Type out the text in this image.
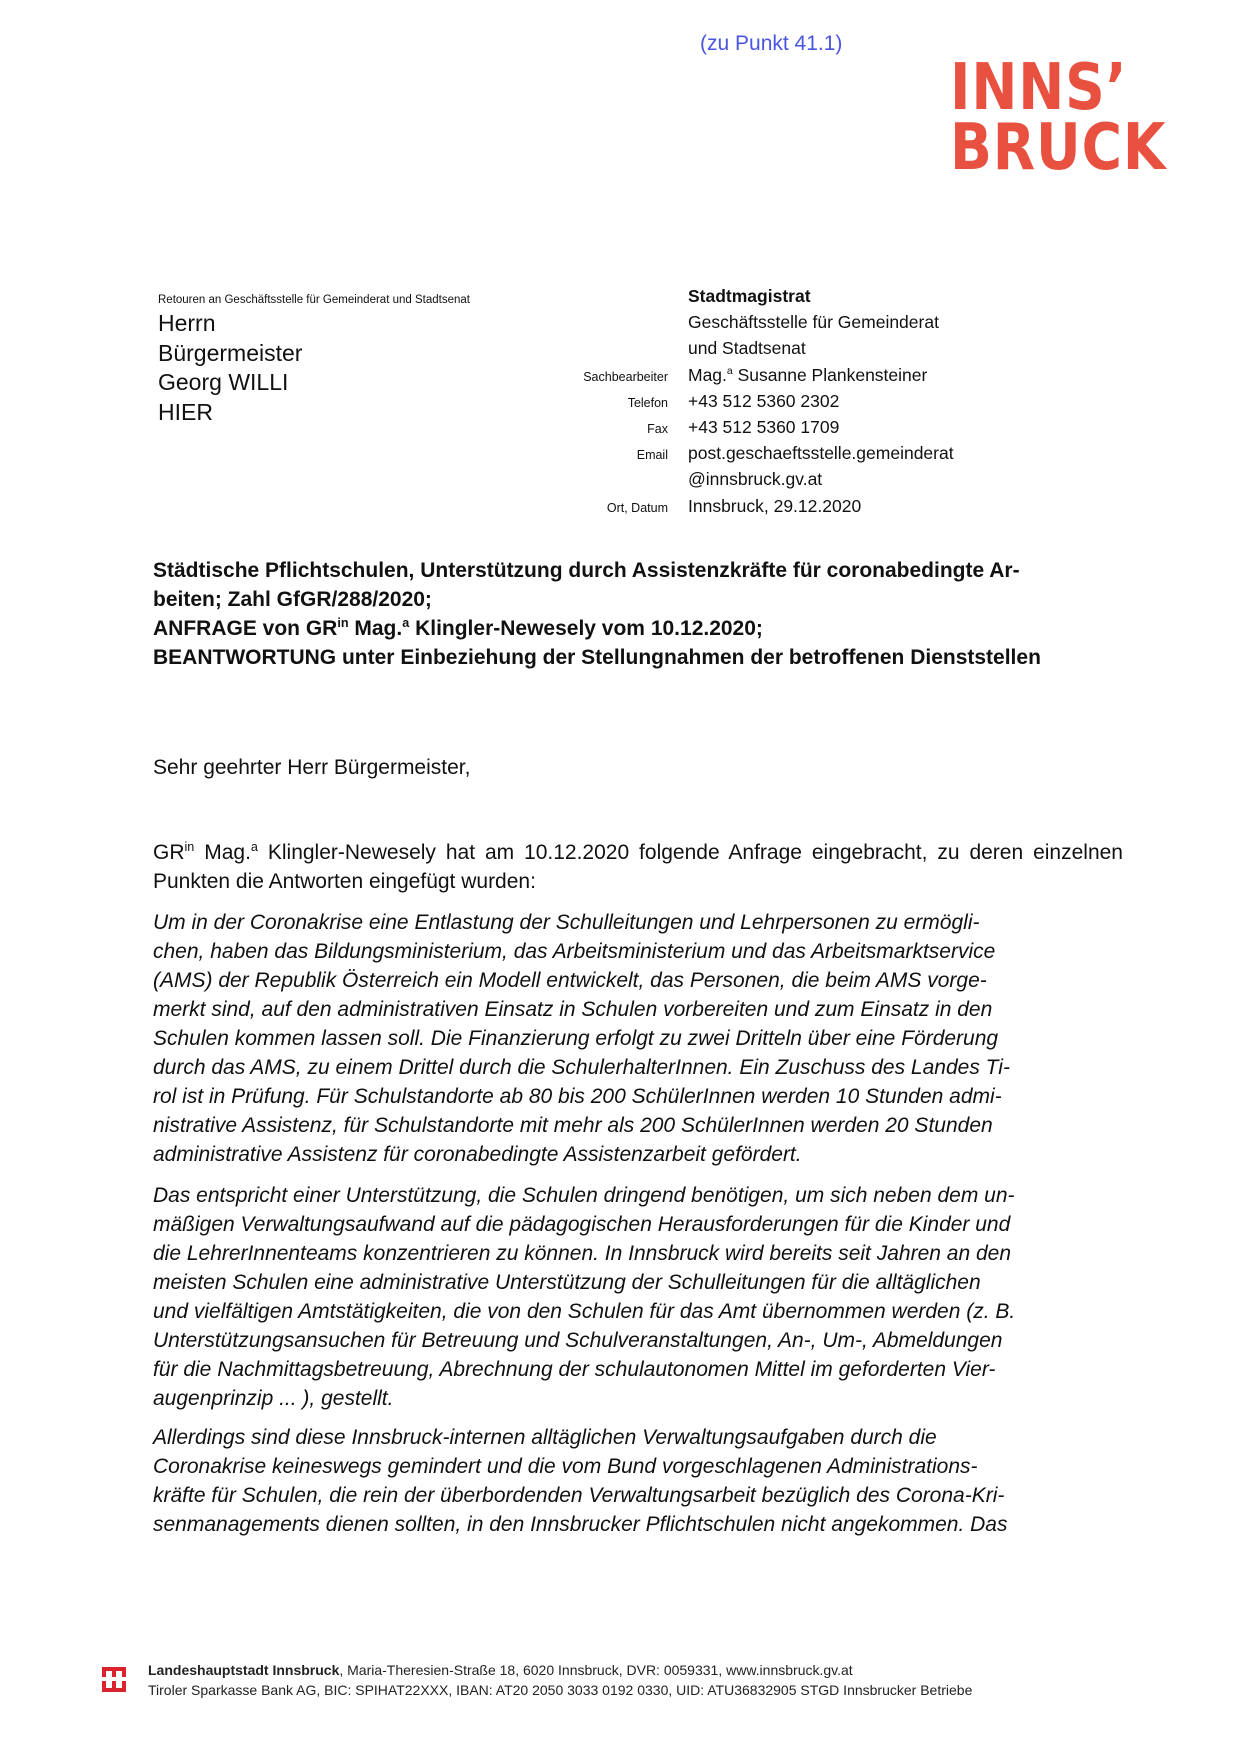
(zu Punkt 41.1)
INNS’
BRUCK
Retouren an Geschäftsstelle für Gemeinderat und Stadtsenat
Herrn
Bürgermeister
Georg WILLI
HIER
Stadtmagistrat
Geschäftsstelle für Gemeinderat
und Stadtsenat
Sachbearbeiter	Mag.$^a$ Susanne Plankensteiner
Telefon	+43 512 5360 2302
Fax	+43 512 5360 1709
Email	post.geschaeftsstelle.gemeinderat
@innsbruck.gv.at
Ort, Datum	Innsbruck, 29.12.2020
Städtische Pflichtschulen, Unterstützung durch Assistenzkräfte für coronabedingte Ar-
beiten; Zahl GfGR/288/2020;
ANFRAGE von $GR^{in}$ Mag.$^a$ Klingler-Newesely vom 10.12.2020;
BEANTWORTUNG unter Einbeziehung der Stellungnahmen der betroffenen Dienststellen
Sehr geehrter Herr Bürgermeister,
$GR^{in}$ Mag.$^a$ Klingler-Newesely hat am 10.12.2020 folgende Anfrage eingebracht, zu deren einzelnen Punkten die Antworten eingefügt wurden:
Um in der Coronakrise eine Entlastung der Schulleitungen und Lehrpersonen zu ermögli-
chen, haben das Bildungsministerium, das Arbeitsministerium und das Arbeitsmarktservice
(AMS) der Republik Österreich ein Modell entwickelt, das Personen, die beim AMS vorge-
merkt sind, auf den administrativen Einsatz in Schulen vorbereiten und zum Einsatz in den
Schulen kommen lassen soll. Die Finanzierung erfolgt zu zwei Dritteln über eine Förderung
durch das AMS, zu einem Drittel durch die SchulerhalterInnen. Ein Zuschuss des Landes Ti-
rol ist in Prüfung. Für Schulstandorte ab 80 bis 200 SchülerInnen werden 10 Stunden admi-
nistrative Assistenz, für Schulstandorte mit mehr als 200 SchülerInnen werden 20 Stunden
administrative Assistenz für coronabedingte Assistenzarbeit gefördert.
Das entspricht einer Unterstützung, die Schulen dringend benötigen, um sich neben dem un-
mäßigen Verwaltungsaufwand auf die pädagogischen Herausforderungen für die Kinder und
die LehrerInnenteams konzentrieren zu können. In Innsbruck wird bereits seit Jahren an den
meisten Schulen eine administrative Unterstützung der Schulleitungen für die alltäglichen
und vielfältigen Amtstätigkeiten, die von den Schulen für das Amt übernommen werden (z. B.
Unterstützungsansuchen für Betreuung und Schulveranstaltungen, An-, Um-, Abmeldungen
für die Nachmittagsbetreuung, Abrechnung der schulautonomen Mittel im geforderten Vier-
augenprinzip ... ), gestellt.
Allerdings sind diese Innsbruck-internen alltäglichen Verwaltungsaufgaben durch die
Coronakrise keineswegs gemindert und die vom Bund vorgeschlagenen Administrations-
kräfte für Schulen, die rein der überbordenden Verwaltungsarbeit bezüglich des Corona-Kri-
senmanagements dienen sollten, in den Innsbrucker Pflichtschulen nicht angekommen. Das
Landeshauptstadt Innsbruck, Maria-Theresien-Straße 18, 6020 Innsbruck, DVR: 0059331, www.innsbruck.gv.at
Tiroler Sparkasse Bank AG, BIC: SPIHAT22XXX, IBAN: AT20 2050 3033 0192 0330, UID: ATU36832905 STGD Innsbrucker Betriebe
